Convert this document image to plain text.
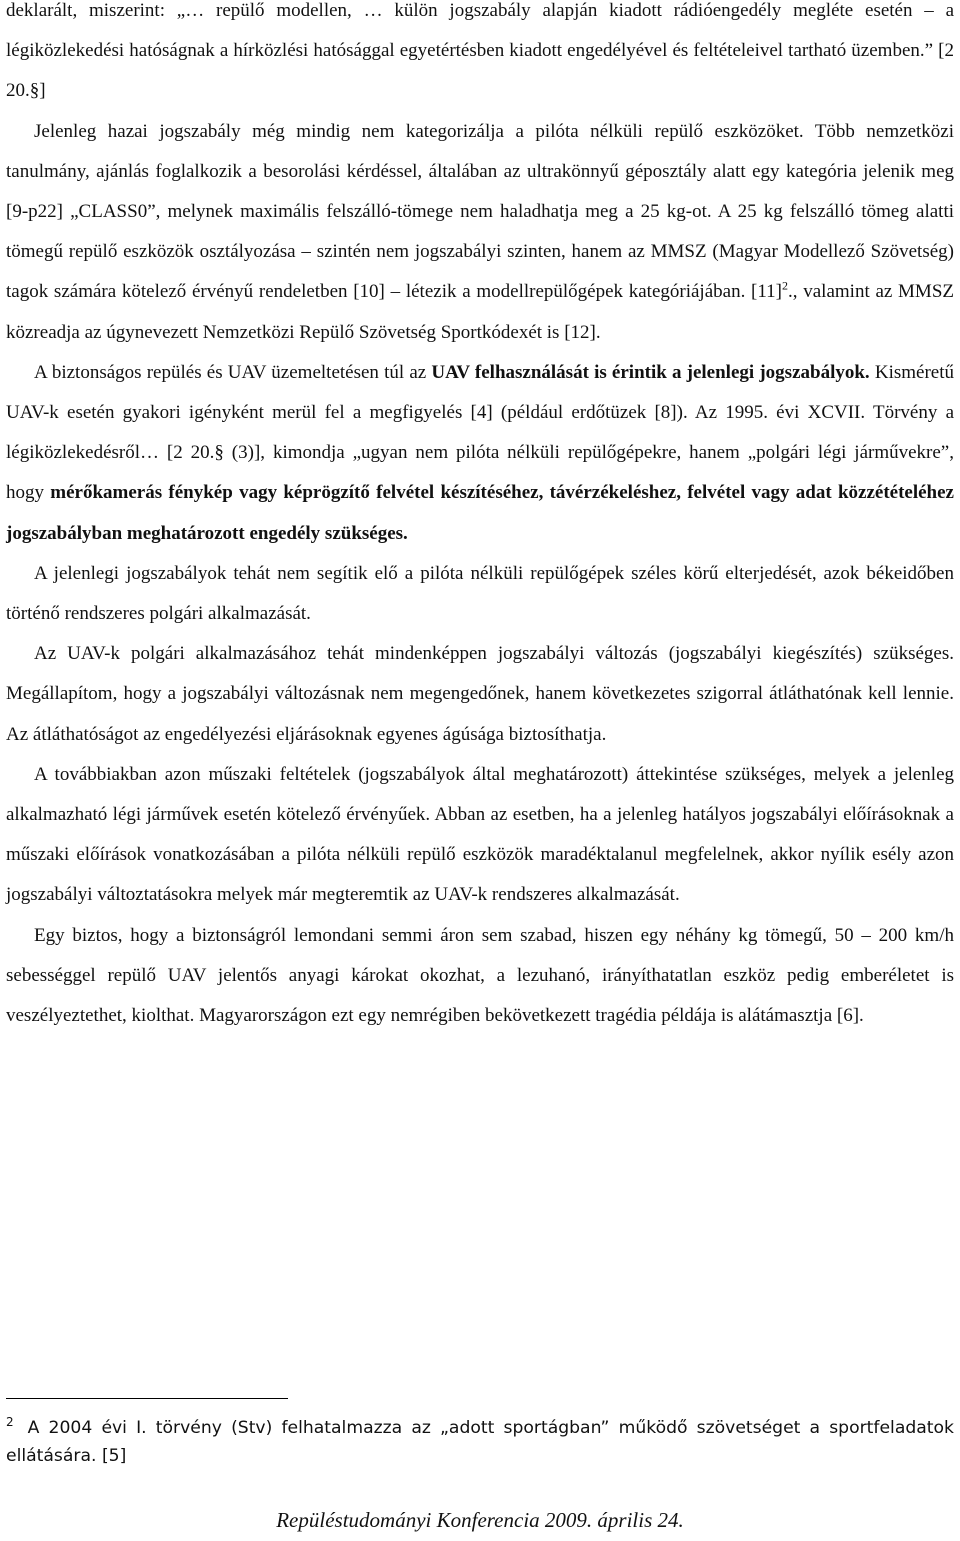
deklarált, miszerint: „… repülő modellen, … külön jogszabály alapján kiadott rádióengedély megléte esetén – a légiközlekedési hatóságnak a hírközlési hatósággal egyetértésben kiadott engedélyével és feltételeivel tartható üzemben.” [2 20.§]

Jelenleg hazai jogszabály még mindig nem kategorizálja a pilóta nélküli repülő eszközöket. Több nemzetközi tanulmány, ajánlás foglalkozik a besorolási kérdéssel, általában az ultrakönnyű géposztály alatt egy kategória jelenik meg [9-p22] „CLASS0”, melynek maximális felszálló-tömege nem haladhatja meg a 25 kg-ot. A 25 kg felszálló tömeg alatti tömegű repülő eszközök osztályozása – szintén nem jogszabályi szinten, hanem az MMSZ (Magyar Modellező Szövetség) tagok számára kötelező érvényű rendeletben [10] – létezik a modellrepülőgépek kategóriájában. $[11]^2$., valamint az MMSZ közreadja az úgynevezett Nemzetközi Repülő Szövetség Sportkódexét is [12].

A biztonságos repülés és UAV üzemeltetésen túl az UAV felhasználását is érintik a jelenlegi jogszabályok. Kisméretű UAV-k esetén gyakori igényként merül fel a megfigyelés [4] (például erdőtüzek [8]). Az 1995. évi XCVII. Törvény a légiközlekedésről… [2 20.§ (3)], kimondja „ugyan nem pilóta nélküli repülőgépekre, hanem „polgári légi járművekre”, hogy mérőkamerás fénykép vagy képrögzítő felvétel készítéséhez, távérzékeléshez, felvétel vagy adat közzétételéhez jogszabályban meghatározott engedély szükséges.

A jelenlegi jogszabályok tehát nem segítik elő a pilóta nélküli repülőgépek széles körű elterjedését, azok békeidőben történő rendszeres polgári alkalmazását.

Az UAV-k polgári alkalmazásához tehát mindenképpen jogszabályi változás (jogszabályi kiegészítés) szükséges. Megállapítom, hogy a jogszabályi változásnak nem megengedőnek, hanem következetes szigorral átláthatónak kell lennie. Az átláthatóságot az engedélyezési eljárásoknak egyenes ágúsága biztosíthatja.

A továbbiakban azon műszaki feltételek (jogszabályok által meghatározott) áttekintése szükséges, melyek a jelenleg alkalmazható légi járművek esetén kötelező érvényűek. Abban az esetben, ha a jelenleg hatályos jogszabályi előírásoknak a műszaki előírások vonatkozásában a pilóta nélküli repülő eszközök maradéktalanul megfelelnek, akkor nyílik esély azon jogszabályi változtatásokra melyek már megteremtik az UAV-k rendszeres alkalmazását.

Egy biztos, hogy a biztonságról lemondani semmi áron sem szabad, hiszen egy néhány kg tömegű, 50 – 200 km/h sebességgel repülő UAV jelentős anyagi károkat okozhat, a lezuhanó, irányíthatatlan eszköz pedig emberéletet is veszélyeztethet, kiolthat. Magyarországon ezt egy nemrégiben bekövetkezett tragédia példája is alátámasztja [6].

$^2$ A 2004 évi I. törvény (Stv) felhatalmazza az „adott sportágban” működő szövetséget a sportfeladatok ellátására. [5]
Repüléstudományi Konferencia 2009. április 24.
